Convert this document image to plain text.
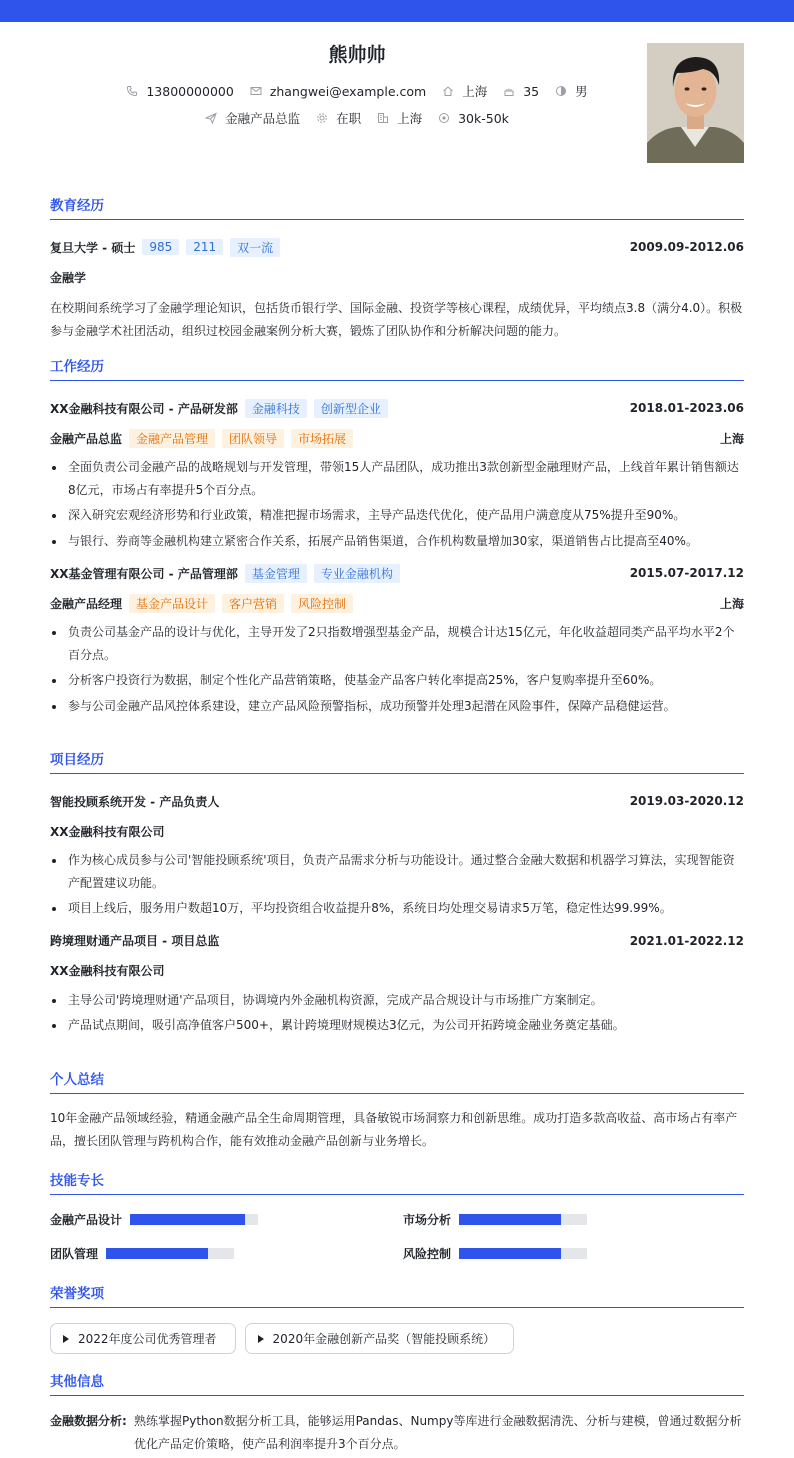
熊帅帅
13800000000	zhangwei@example.com	上海	35	男
金融产品总监	在职	上海	30k-50k
教育经历
复旦大学 - 硕士	985	211	双一流	2009.09-2012.06
金融学
在校期间系统学习了金融学理论知识，包括货币银行学、国际金融、投资学等核心课程，成绩优异，平均绩点3.8（满分4.0）。积极参与金融学术社团活动，组织过校园金融案例分析大赛，锻炼了团队协作和分析解决问题的能力。
工作经历
XX金融科技有限公司 - 产品研发部	金融科技	创新型企业	2018.01-2023.06
金融产品总监	金融产品管理	团队领导	市场拓展	上海
全面负责公司金融产品的战略规划与开发管理，带领15人产品团队，成功推出3款创新型金融理财产品，上线首年累计销售额达8亿元，市场占有率提升5个百分点。
深入研究宏观经济形势和行业政策，精准把握市场需求，主导产品迭代优化，使产品用户满意度从75%提升至90%。
与银行、券商等金融机构建立紧密合作关系，拓展产品销售渠道，合作机构数量增加30家，渠道销售占比提高至40%。
XX基金管理有限公司 - 产品管理部	基金管理	专业金融机构	2015.07-2017.12
金融产品经理	基金产品设计	客户营销	风险控制	上海
负责公司基金产品的设计与优化，主导开发了2只指数增强型基金产品，规模合计达15亿元，年化收益超同类产品平均水平2个百分点。
分析客户投资行为数据，制定个性化产品营销策略，使基金产品客户转化率提高25%，客户复购率提升至60%。
参与公司金融产品风控体系建设，建立产品风险预警指标，成功预警并处理3起潜在风险事件，保障产品稳健运营。
项目经历
智能投顾系统开发 - 产品负责人	2019.03-2020.12
XX金融科技有限公司
作为核心成员参与公司'智能投顾系统'项目，负责产品需求分析与功能设计。通过整合金融大数据和机器学习算法，实现智能资产配置建议功能。
项目上线后，服务用户数超10万，平均投资组合收益提升8%，系统日均处理交易请求5万笔，稳定性达99.99%。
跨境理财通产品项目 - 项目总监	2021.01-2022.12
XX金融科技有限公司
主导公司'跨境理财通'产品项目，协调境内外金融机构资源，完成产品合规设计与市场推广方案制定。
产品试点期间，吸引高净值客户500+，累计跨境理财规模达3亿元，为公司开拓跨境金融业务奠定基础。
个人总结
10年金融产品领域经验，精通金融产品全生命周期管理，具备敏锐市场洞察力和创新思维。成功打造多款高收益、高市场占有率产品，擅长团队管理与跨机构合作，能有效推动金融产品创新与业务增长。
技能专长
金融产品设计	市场分析
团队管理	风险控制
荣誉奖项
2022年度公司优秀管理者	2020年金融创新产品奖（智能投顾系统）
其他信息
金融数据分析: 熟练掌握Python数据分析工具，能够运用Pandas、Numpy等库进行金融数据清洗、分析与建模，曾通过数据分析优化产品定价策略，使产品利润率提升3个百分点。
